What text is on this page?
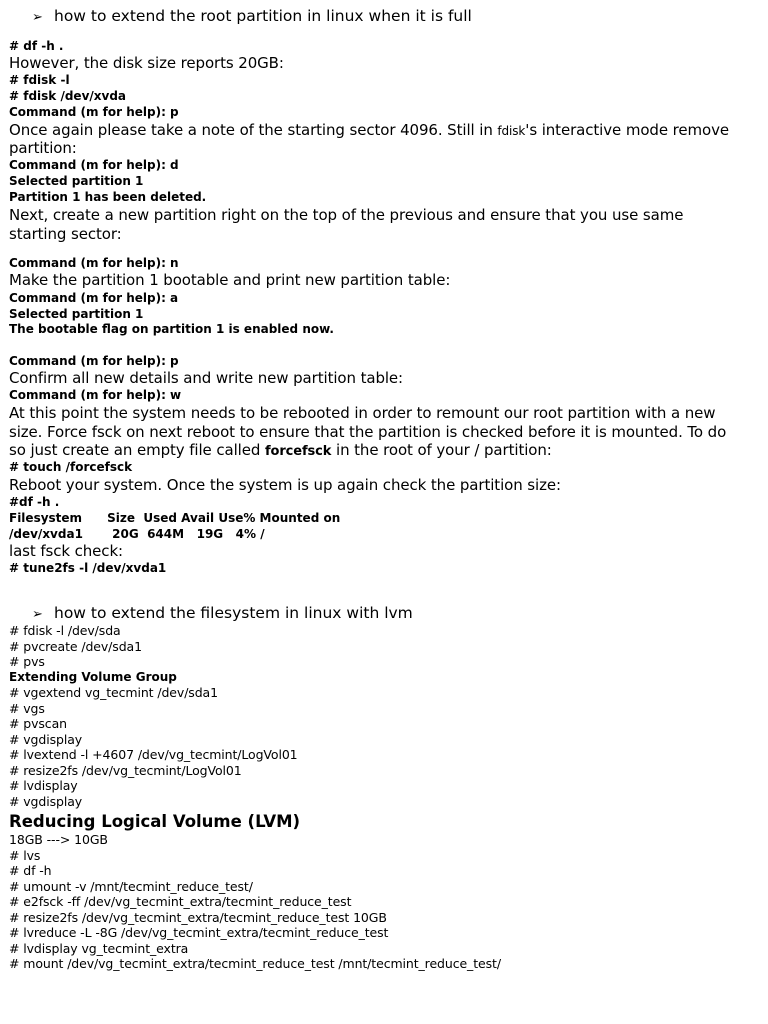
➢ how to extend the root partition in linux when it is full
# df -h .
However, the disk size reports 20GB:
# fdisk -l
# fdisk /dev/xvda
Command (m for help): p
Once again please take a note of the starting sector 4096. Still in fdisk's interactive mode remove
partition:
Command (m for help): d
Selected partition 1
Partition 1 has been deleted.
Next, create a new partition right on the top of the previous and ensure that you use same
starting sector:
Command (m for help): n
Make the partition 1 bootable and print new partition table:
Command (m for help): a
Selected partition 1
The bootable flag on partition 1 is enabled now.
Command (m for help): p
Confirm all new details and write new partition table:
Command (m for help): w
At this point the system needs to be rebooted in order to remount our root partition with a new
size. Force fsck on next reboot to ensure that the partition is checked before it is mounted. To do
so just create an empty file called forcefsck in the root of your / partition:
# touch /forcefsck
Reboot your system. Once the system is up again check the partition size:
#df -h .
Filesystem      Size  Used Avail Use% Mounted on
/dev/xvda1       20G  644M   19G   4% /
last fsck check:
# tune2fs -l /dev/xvda1
➢ how to extend the filesystem in linux with lvm
# fdisk -l /dev/sda
# pvcreate /dev/sda1
# pvs
Extending Volume Group
# vgextend vg_tecmint /dev/sda1
# vgs
# pvscan
# vgdisplay
# lvextend -l +4607 /dev/vg_tecmint/LogVol01
# resize2fs /dev/vg_tecmint/LogVol01
# lvdisplay
# vgdisplay
Reducing Logical Volume (LVM)
18GB ---> 10GB
# lvs
# df -h
# umount -v /mnt/tecmint_reduce_test/
# e2fsck -ff /dev/vg_tecmint_extra/tecmint_reduce_test
# resize2fs /dev/vg_tecmint_extra/tecmint_reduce_test 10GB
# lvreduce -L -8G /dev/vg_tecmint_extra/tecmint_reduce_test
# lvdisplay vg_tecmint_extra
# mount /dev/vg_tecmint_extra/tecmint_reduce_test /mnt/tecmint_reduce_test/
